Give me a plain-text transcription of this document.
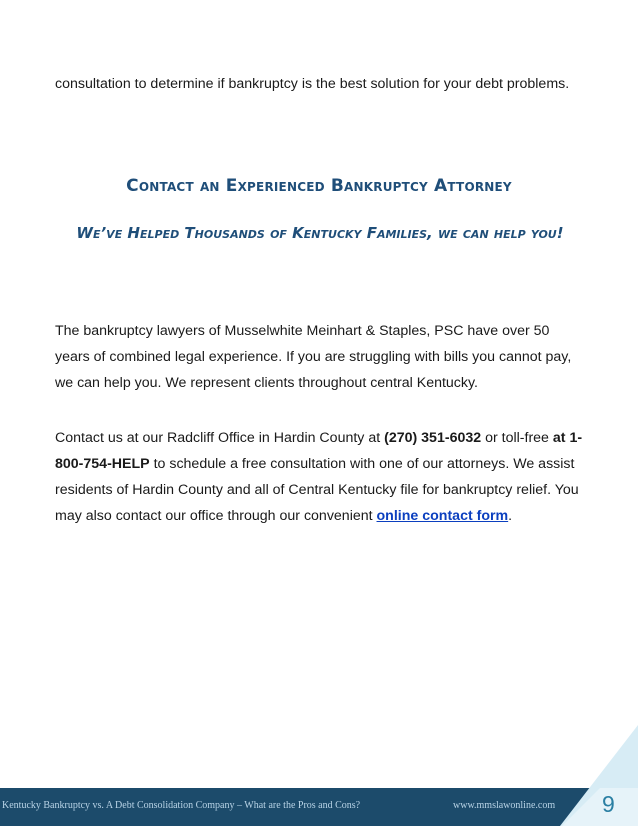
consultation to determine if bankruptcy is the best solution for your debt problems.

Contact an Experienced Bankruptcy Attorney
We’ve Helped Thousands of Kentucky Families, we can help you!

The bankruptcy lawyers of Musselwhite Meinhart & Staples, PSC have over 50 years of combined legal experience. If you are struggling with bills you cannot pay, we can help you. We represent clients throughout central Kentucky.

Contact us at our Radcliff Office in Hardin County at (270) 351-6032 or toll-free at 1-800-754-HELP to schedule a free consultation with one of our attorneys. We assist residents of Hardin County and all of Central Kentucky file for bankruptcy relief. You may also contact our office through our convenient online contact form.

Kentucky Bankruptcy vs. A Debt Consolidation Company – What are the Pros and Cons?	www.mmslawonline.com 9
